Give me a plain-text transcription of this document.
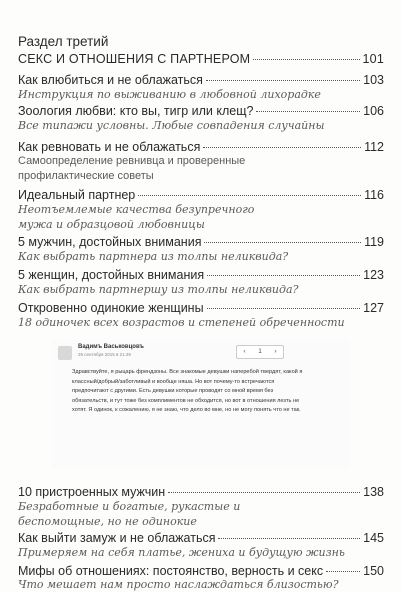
Раздел третий
СЕКС И ОТНОШЕНИЯ С ПАРТНЕРОМ	101
Как влюбиться и не облажаться	103
Инструкция по выживанию в любовной лихорадке
Зоология любви: кто вы, тигр или клещ?	106
Все типажи условны. Любые совпадения случайны
Как ревновать и не облажаться	112
Самоопределение ревнивца и проверенные профилактические советы
Идеальный партнер	116
Неотъемлемые качества безупречного мужа и образцовой любовницы
5 мужчин, достойных внимания	119
Как выбрать партнера из толпы неликвида?
5 женщин, достойных внимания	123
Как выбрать партнершу из толпы неликвида?
Откровенно одинокие женщины	127
18 одиночек всех возрастов и степеней обреченности
Вадимъ Васьковцовъ
26 сентября 2015 в 21:49	‹ 1 ›

Здравствуйте, я рыцарь френдзоны. Все знакомые девушки наперебой твердят, какой я классный/добрый/заботливый и вообще няша. Но вот почему-то встречаются предпочитают с другими. Есть девушки которые проводят со мной время без обязательств, и тут тоже без комплиментов не обходится, но вот в отношения лезть не хотят. Я одинок, к сожалению, я не знаю, что дело во мне, но не могу понять что не так.

10 пристроенных мужчин	138
Безработные и богатые, рукастые и беспомощные, но не одинокие
Как выйти замуж и не облажаться	145
Примеряем на себя платье, жениха и будущую жизнь
Мифы об отношениях: постоянство, верность и секс	150
Что мешает нам просто наслаждаться близостью?
